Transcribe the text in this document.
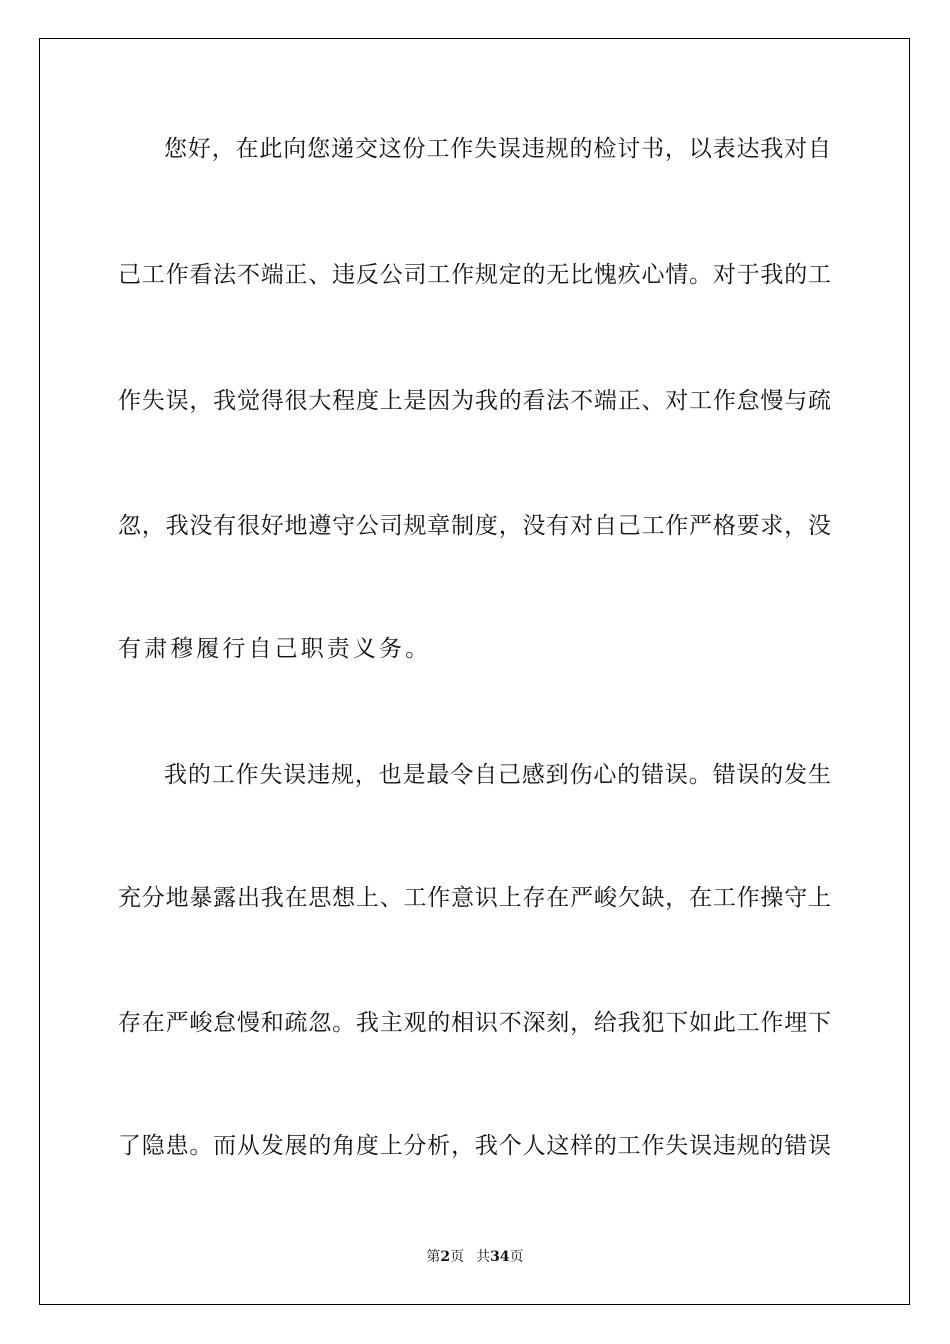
您好，在此向您递交这份工作失误违规的检讨书，以表达我对自

己工作看法不端正、违反公司工作规定的无比愧疚心情。对于我的工

作失误，我觉得很大程度上是因为我的看法不端正、对工作怠慢与疏

忽，我没有很好地遵守公司规章制度，没有对自己工作严格要求，没

有肃穆履行自己职责义务。

我的工作失误违规，也是最令自己感到伤心的错误。错误的发生

充分地暴露出我在思想上、工作意识上存在严峻欠缺，在工作操守上

存在严峻怠慢和疏忽。我主观的相识不深刻，给我犯下如此工作埋下

了隐患。而从发展的角度上分析，我个人这样的工作失误违规的错误

第2页 共34页
